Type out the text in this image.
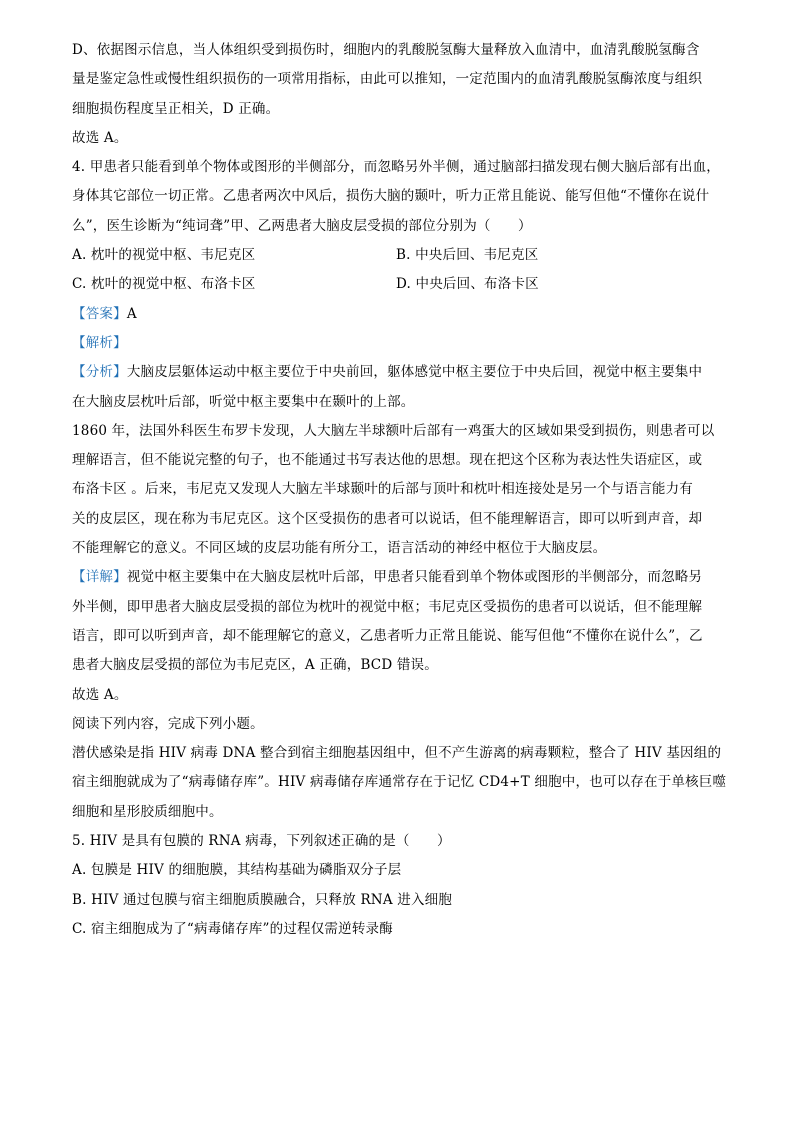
D、依据图示信息，当人体组织受到损伤时，细胞内的乳酸脱氢酶大量释放入血清中，血清乳酸脱氢酶含
量是鉴定急性或慢性组织损伤的一项常用指标，由此可以推知，一定范围内的血清乳酸脱氢酶浓度与组织
细胞损伤程度呈正相关，D 正确。
故选 A。
4. 甲患者只能看到单个物体或图形的半侧部分，而忽略另外半侧，通过脑部扫描发现右侧大脑后部有出血，
身体其它部位一切正常。乙患者两次中风后，损伤大脑的颞叶，听力正常且能说、能写但他“不懂你在说什
么”，医生诊断为“纯词聋”甲、乙两患者大脑皮层受损的部位分别为（　　）
A. 枕叶的视觉中枢、韦尼克区	B. 中央后回、韦尼克区
C. 枕叶的视觉中枢、布洛卡区	D. 中央后回、布洛卡区
【答案】A
【解析】
【分析】大脑皮层躯体运动中枢主要位于中央前回，躯体感觉中枢主要位于中央后回，视觉中枢主要集中
在大脑皮层枕叶后部，听觉中枢主要集中在颞叶的上部。
1860 年，法国外科医生布罗卡发现，人大脑左半球额叶后部有一鸡蛋大的区域如果受到损伤，则患者可以
理解语言，但不能说完整的句子，也不能通过书写表达他的思想。现在把这个区称为表达性失语症区，或
布洛卡区 。后来，韦尼克又发现人大脑左半球颞叶的后部与顶叶和枕叶相连接处是另一个与语言能力有
关的皮层区，现在称为韦尼克区。这个区受损伤的患者可以说话，但不能理解语言，即可以听到声音，却
不能理解它的意义。不同区域的皮层功能有所分工，语言活动的神经中枢位于大脑皮层。
【详解】视觉中枢主要集中在大脑皮层枕叶后部，甲患者只能看到单个物体或图形的半侧部分，而忽略另
外半侧，即甲患者大脑皮层受损的部位为枕叶的视觉中枢；韦尼克区受损伤的患者可以说话，但不能理解
语言，即可以听到声音，却不能理解它的意义，乙患者听力正常且能说、能写但他“不懂你在说什么”，乙
患者大脑皮层受损的部位为韦尼克区，A 正确，BCD 错误。
故选 A。
阅读下列内容，完成下列小题。
潜伏感染是指 HIV 病毒 DNA 整合到宿主细胞基因组中，但不产生游离的病毒颗粒，整合了 HIV 基因组的
宿主细胞就成为了“病毒储存库”。HIV 病毒储存库通常存在于记忆 CD4+T 细胞中，也可以存在于单核巨噬
细胞和星形胶质细胞中。
5. HIV 是具有包膜的 RNA 病毒，下列叙述正确的是（　　）
A. 包膜是 HIV 的细胞膜，其结构基础为磷脂双分子层
B. HIV 通过包膜与宿主细胞质膜融合，只释放 RNA 进入细胞
C. 宿主细胞成为了“病毒储存库”的过程仅需逆转录酶
